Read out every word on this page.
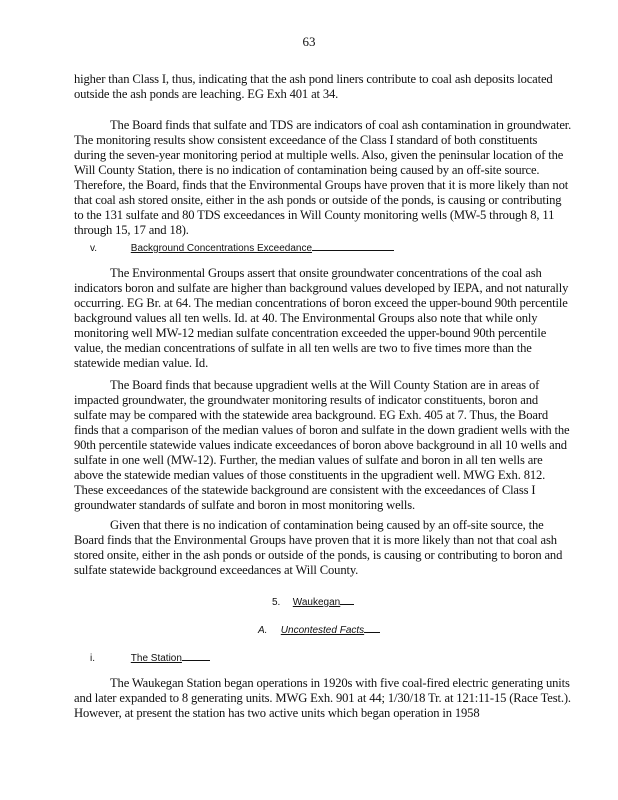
63

higher than Class I, thus, indicating that the ash pond liners contribute to coal ash deposits located outside the ash ponds are leaching. EG Exh 401 at 34.

The Board finds that sulfate and TDS are indicators of coal ash contamination in groundwater. The monitoring results show consistent exceedance of the Class I standard of both constituents during the seven-year monitoring period at multiple wells. Also, given the peninsular location of the Will County Station, there is no indication of contamination being caused by an off-site source. Therefore, the Board, finds that the Environmental Groups have proven that it is more likely than not that coal ash stored onsite, either in the ash ponds or outside of the ponds, is causing or contributing to the 131 sulfate and 80 TDS exceedances in Will County monitoring wells (MW-5 through 8, 11 through 15, 17 and 18).

v.	Background Concentrations Exceedance

The Environmental Groups assert that onsite groundwater concentrations of the coal ash indicators boron and sulfate are higher than background values developed by IEPA, and not naturally occurring. EG Br. at 64. The median concentrations of boron exceed the upper-bound 90th percentile background values all ten wells. Id. at 40. The Environmental Groups also note that while only monitoring well MW-12 median sulfate concentration exceeded the upper-bound 90th percentile value, the median concentrations of sulfate in all ten wells are two to five times more than the statewide median value. Id.

The Board finds that because upgradient wells at the Will County Station are in areas of impacted groundwater, the groundwater monitoring results of indicator constituents, boron and sulfate may be compared with the statewide area background. EG Exh. 405 at 7. Thus, the Board finds that a comparison of the median values of boron and sulfate in the down gradient wells with the 90th percentile statewide values indicate exceedances of boron above background in all 10 wells and sulfate in one well (MW-12). Further, the median values of sulfate and boron in all ten wells are above the statewide median values of those constituents in the upgradient well. MWG Exh. 812. These exceedances of the statewide background are consistent with the exceedances of Class I groundwater standards of sulfate and boron in most monitoring wells.

Given that there is no indication of contamination being caused by an off-site source, the Board finds that the Environmental Groups have proven that it is more likely than not that coal ash stored onsite, either in the ash ponds or outside of the ponds, is causing or contributing to boron and sulfate statewide background exceedances at Will County.

5. Waukegan
A. Uncontested Facts
i.	The Station

The Waukegan Station began operations in 1920s with five coal-fired electric generating units and later expanded to 8 generating units. MWG Exh. 901 at 44; 1/30/18 Tr. at 121:11-15 (Race Test.). However, at present the station has two active units which began operation in 1958
